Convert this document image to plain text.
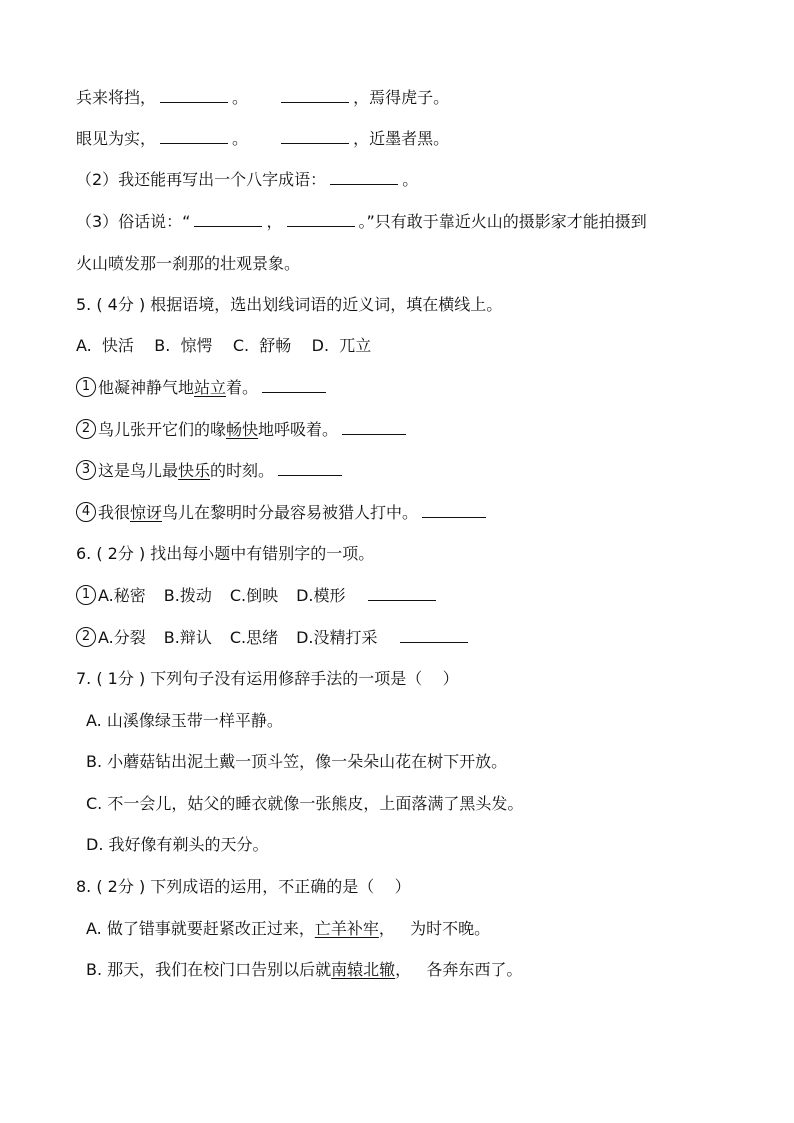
兵来将挡，	。	，焉得虎子。
眼见为实，	。	，近墨者黑。
（2）我还能再写出一个八字成语：	。
（3）俗话说：“	，	。”只有敢于靠近火山的摄影家才能拍摄到
火山喷发那一刹那的壮观景象。
5. ( 4分 ) 根据语境，选出划线词语的近义词，填在横线上。
A.  快活    B.  惊愕    C.  舒畅    D.  兀立
1 他凝神静气地站立着。
2 鸟儿张开它们的喙畅快地呼吸着。
3 这是鸟儿最快乐的时刻。
4 我很惊讶鸟儿在黎明时分最容易被猎人打中。
6. ( 2分 ) 找出每小题中有错别字的一项。
1 A.秘密 B.拨动 C.倒映 D.模形
2 A.分裂 B.辩认 C.思绪 D.没精打采
7. ( 1分 ) 下列句子没有运用修辞手法的一项是（    ）
A. 山溪像绿玉带一样平静。
B. 小蘑菇钻出泥土戴一顶斗笠，像一朵朵山花在树下开放。
C. 不一会儿，姑父的睡衣就像一张熊皮，上面落满了黑头发。
D. 我好像有剃头的天分。
8. ( 2分 ) 下列成语的运用，不正确的是（    ）
A. 做了错事就要赶紧改正过来，亡羊补牢，   为时不晚。
B. 那天，我们在校门口告别以后就南辕北辙，   各奔东西了。
